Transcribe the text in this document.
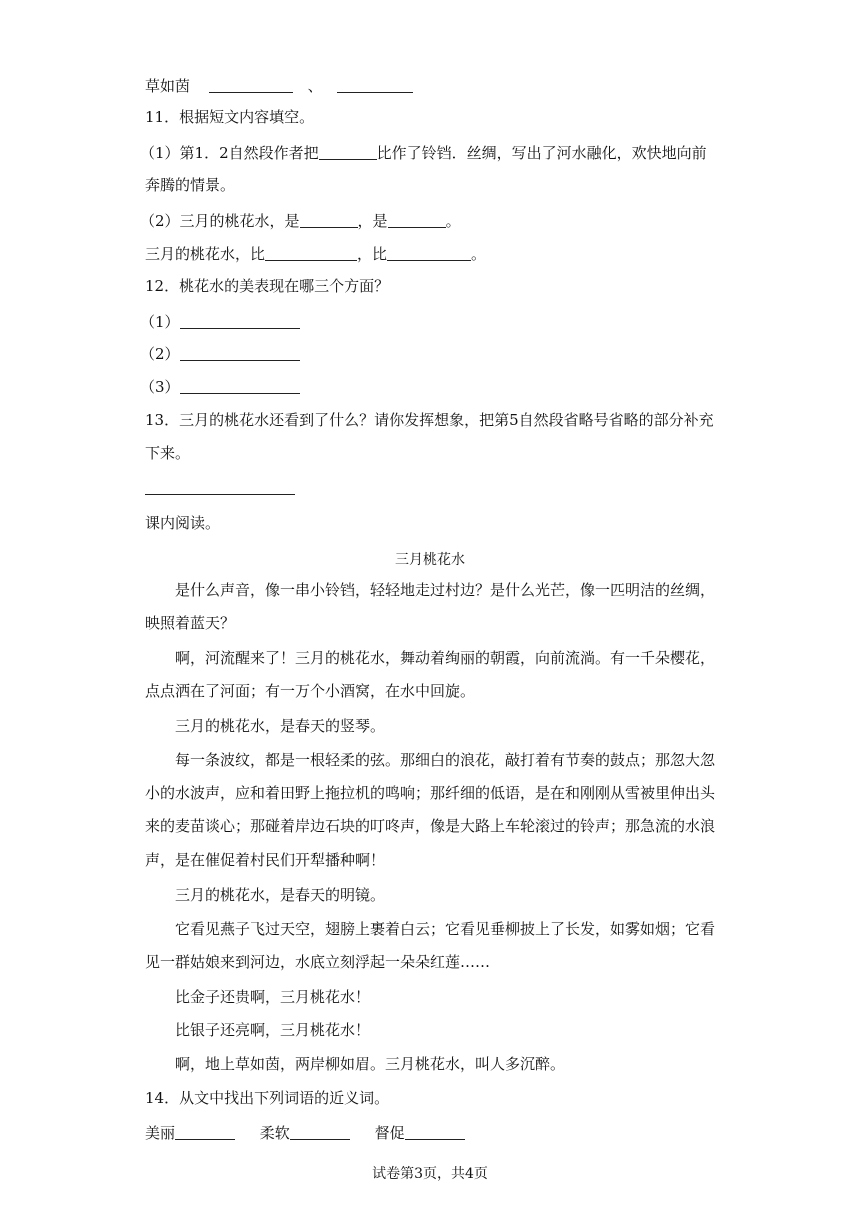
草如茵	、
11．根据短文内容填空。
（1）第1．2自然段作者把	比作了铃铛．丝绸，写出了河水融化，欢快地向前
奔腾的情景。
（2）三月的桃花水，是	，是	。
三月的桃花水，比	，比	。
12．桃花水的美表现在哪三个方面？
（1）
（2）
（3）
13．三月的桃花水还看到了什么？请你发挥想象，把第5自然段省略号省略的部分补充
下来。
课内阅读。
三月桃花水
是什么声音，像一串小铃铛，轻轻地走过村边？是什么光芒，像一匹明洁的丝绸，
映照着蓝天？
啊，河流醒来了！三月的桃花水，舞动着绚丽的朝霞，向前流淌。有一千朵樱花，
点点洒在了河面；有一万个小酒窝，在水中回旋。
三月的桃花水，是春天的竖琴。
每一条波纹，都是一根轻柔的弦。那细白的浪花，敲打着有节奏的鼓点；那忽大忽
小的水波声，应和着田野上拖拉机的鸣响；那纤细的低语，是在和刚刚从雪被里伸出头
来的麦苗谈心；那碰着岸边石块的叮咚声，像是大路上车轮滚过的铃声；那急流的水浪
声，是在催促着村民们开犁播种啊！
三月的桃花水，是春天的明镜。
它看见燕子飞过天空，翅膀上裹着白云；它看见垂柳披上了长发，如雾如烟；它看
见一群姑娘来到河边，水底立刻浮起一朵朵红莲……
比金子还贵啊，三月桃花水！
比银子还亮啊，三月桃花水！
啊，地上草如茵，两岸柳如眉。三月桃花水，叫人多沉醉。
14．从文中找出下列词语的近义词。
美丽	柔软	督促
试卷第3页，共4页
